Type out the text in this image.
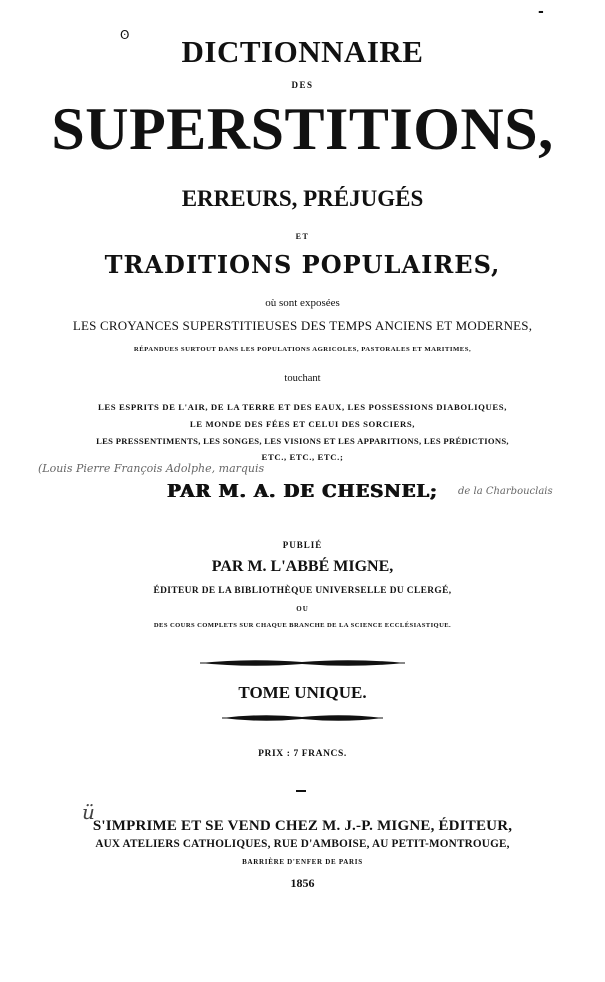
ʘ
-
DICTIONNAIRE
DES
SUPERSTITIONS,
ERREURS, PRÉJUGÉS
ET
TRADITIONS POPULAIRES,
où sont exposées
LES CROYANCES SUPERSTITIEUSES DES TEMPS ANCIENS ET MODERNES,
RÉPANDUES SURTOUT DANS LES POPULATIONS AGRICOLES, PASTORALES ET MARITIMES,
touchant
LES ESPRITS DE L'AIR, DE LA TERRE ET DES EAUX, LES POSSESSIONS DIABOLIQUES,
LE MONDE DES FÉES ET CELUI DES SORCIERS,
LES PRESSENTIMENTS, LES SONGES, LES VISIONS ET LES APPARITIONS, LES PRÉDICTIONS,
ETC., ETC., ETC.;
(Louis Pierre François Adolphe, marquis
PAR M. A. DE CHESNEL;	de la Charbouclais
PUBLIÉ
PAR M. L'ABBÉ MIGNE,
ÉDITEUR DE LA BIBLIOTHÈQUE UNIVERSELLE DU CLERGÉ,
OU
DES COURS COMPLETS SUR CHAQUE BRANCHE DE LA SCIENCE ECCLÉSIASTIQUE.
TOME UNIQUE.
PRIX : 7 FRANCS.
ü
S'IMPRIME ET SE VEND CHEZ M. J.-P. MIGNE, ÉDITEUR,
AUX ATELIERS CATHOLIQUES, RUE D'AMBOISE, AU PETIT-MONTROUGE,
BARRIÈRE D'ENFER DE PARIS
1856
